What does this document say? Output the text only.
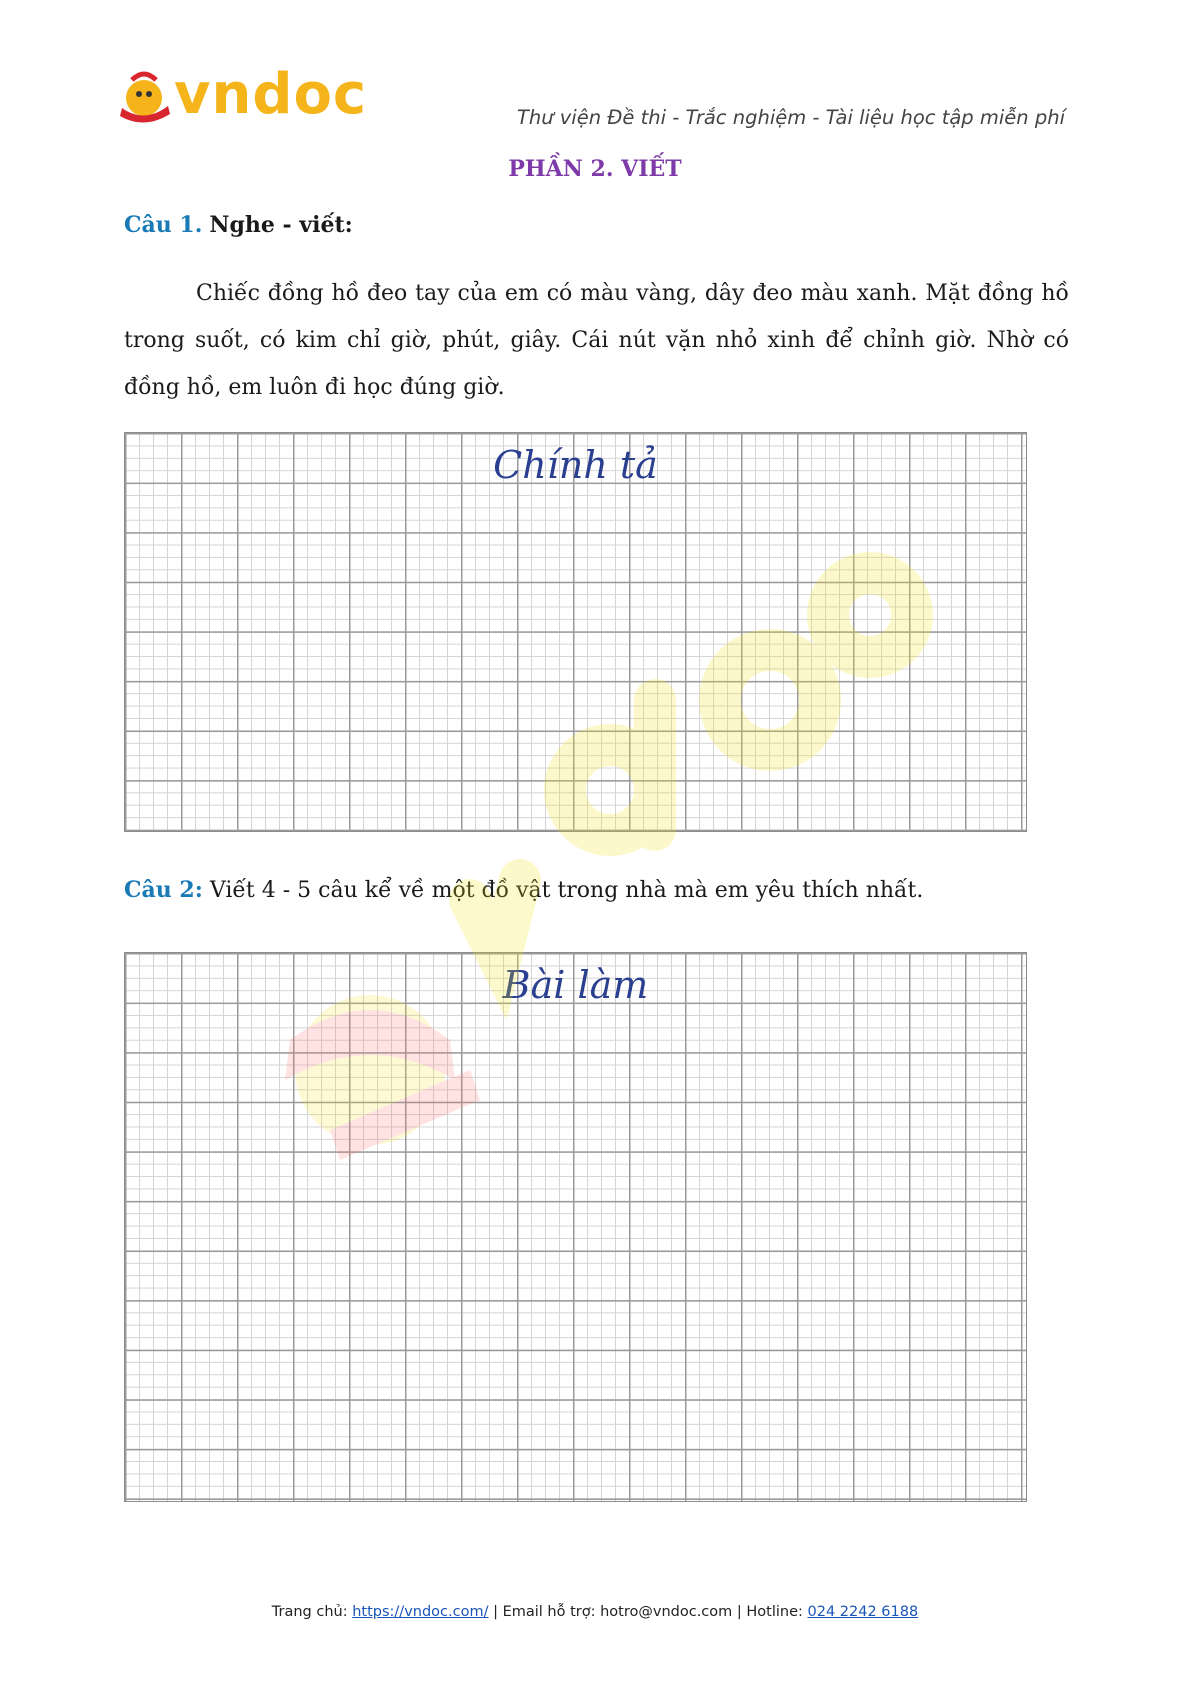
vndoc	Thư viện Đề thi - Trắc nghiệm - Tài liệu học tập miễn phí
PHẦN 2. VIẾT
Câu 1. Nghe - viết:
Chiếc đồng hồ đeo tay của em có màu vàng, dây đeo màu xanh. Mặt đồng hồ trong suốt, có kim chỉ giờ, phút, giây. Cái nút vặn nhỏ xinh để chỉnh giờ. Nhờ có đồng hồ, em luôn đi học đúng giờ.
Chính tả
Câu 2: Viết 4 - 5 câu kể về một đồ vật trong nhà mà em yêu thích nhất.
Bài làm
Trang chủ: https://vndoc.com/ | Email hỗ trợ: hotro@vndoc.com | Hotline: 024 2242 6188
